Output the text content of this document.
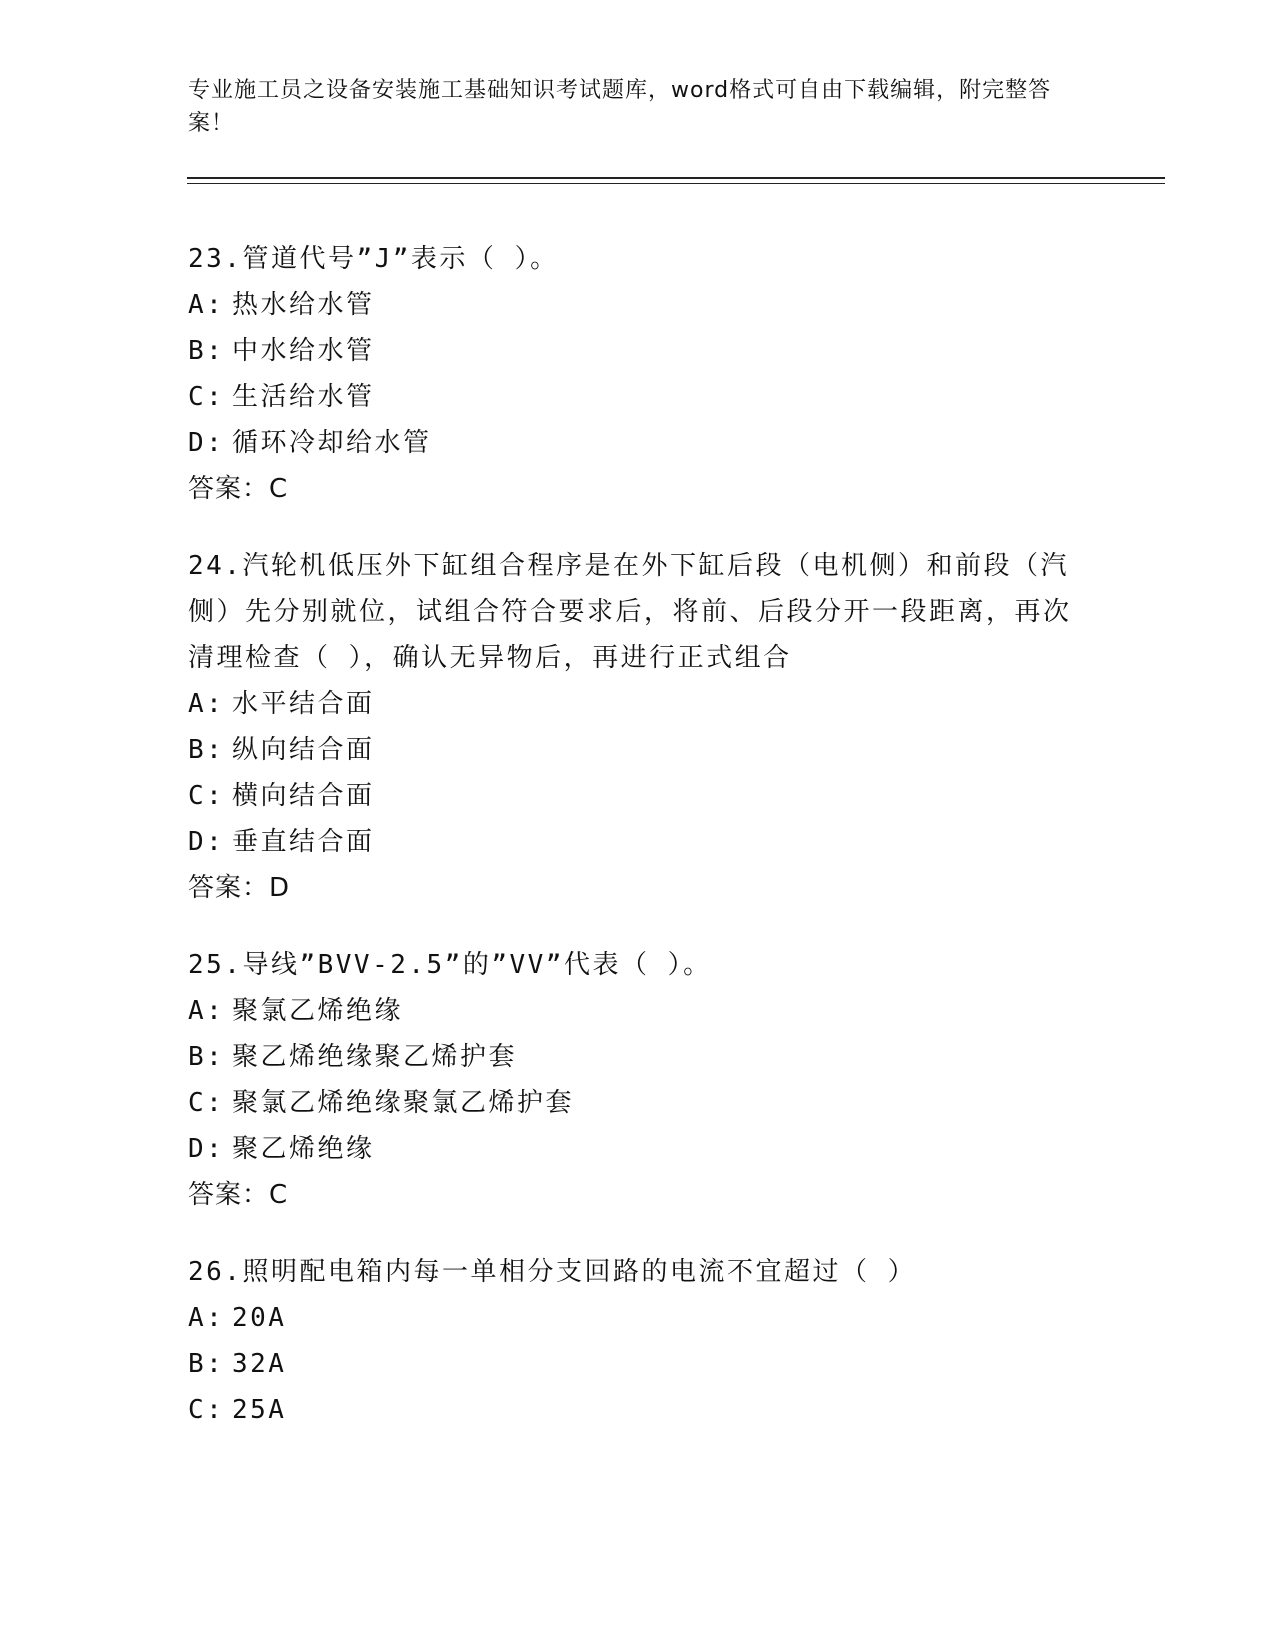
专业施工员之设备安装施工基础知识考试题库，word格式可自由下载编辑，附完整答案！
23.管道代号”J”表示（ ）。
A: 热水给水管
B: 中水给水管
C: 生活给水管
D: 循环冷却给水管
答案：C
24.汽轮机低压外下缸组合程序是在外下缸后段（电机侧）和前段（汽侧）先分别就位，试组合符合要求后，将前、后段分开一段距离，再次清理检查（ ），确认无异物后，再进行正式组合
A: 水平结合面
B: 纵向结合面
C: 横向结合面
D: 垂直结合面
答案：D
25.导线”BVV-2.5”的”VV”代表（ ）。
A: 聚氯乙烯绝缘
B: 聚乙烯绝缘聚乙烯护套
C: 聚氯乙烯绝缘聚氯乙烯护套
D: 聚乙烯绝缘
答案：C
26.照明配电箱内每一单相分支回路的电流不宜超过（ ）
A: 20A
B: 32A
C: 25A
